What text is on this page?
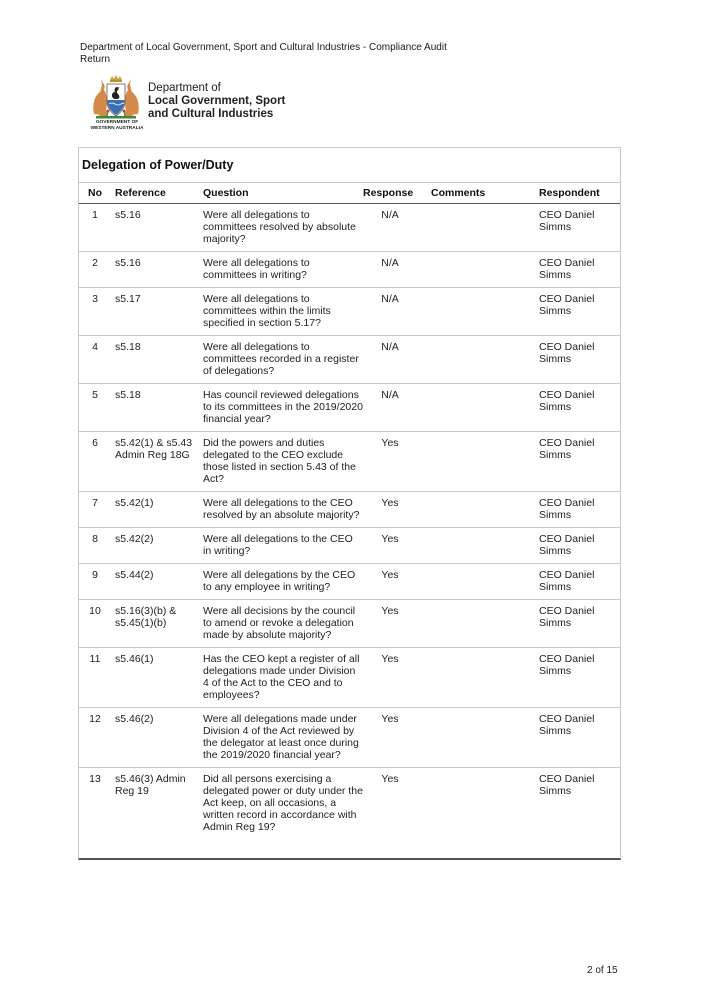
Department of Local Government, Sport and Cultural Industries - Compliance Audit Return
GOVERNMENT OF
WESTERN AUSTRALIA
Department of
Local Government, Sport
and Cultural Industries
Delegation of Power/Duty
No	Reference	Question	Response	Comments	Respondent
1	s5.16	Were all delegations to committees resolved by absolute majority?	N/A		CEO Daniel Simms
2	s5.16	Were all delegations to committees in writing?	N/A		CEO Daniel Simms
3	s5.17	Were all delegations to committees within the limits specified in section 5.17?	N/A		CEO Daniel Simms
4	s5.18	Were all delegations to committees recorded in a register of delegations?	N/A		CEO Daniel Simms
5	s5.18	Has council reviewed delegations to its committees in the 2019/2020 financial year?	N/A		CEO Daniel Simms
6	s5.42(1) & s5.43 Admin Reg 18G	Did the powers and duties delegated to the CEO exclude those listed in section 5.43 of the Act?	Yes		CEO Daniel Simms
7	s5.42(1)	Were all delegations to the CEO resolved by an absolute majority?	Yes		CEO Daniel Simms
8	s5.42(2)	Were all delegations to the CEO in writing?	Yes		CEO Daniel Simms
9	s5.44(2)	Were all delegations by the CEO to any employee in writing?	Yes		CEO Daniel Simms
10	s5.16(3)(b) & s5.45(1)(b)	Were all decisions by the council to amend or revoke a delegation made by absolute majority?	Yes		CEO Daniel Simms
11	s5.46(1)	Has the CEO kept a register of all delegations made under Division 4 of the Act to the CEO and to employees?	Yes		CEO Daniel Simms
12	s5.46(2)	Were all delegations made under Division 4 of the Act reviewed by the delegator at least once during the 2019/2020 financial year?	Yes		CEO Daniel Simms
13	s5.46(3) Admin Reg 19	Did all persons exercising a delegated power or duty under the Act keep, on all occasions, a written record in accordance with Admin Reg 19?	Yes		CEO Daniel Simms
2 of 15
